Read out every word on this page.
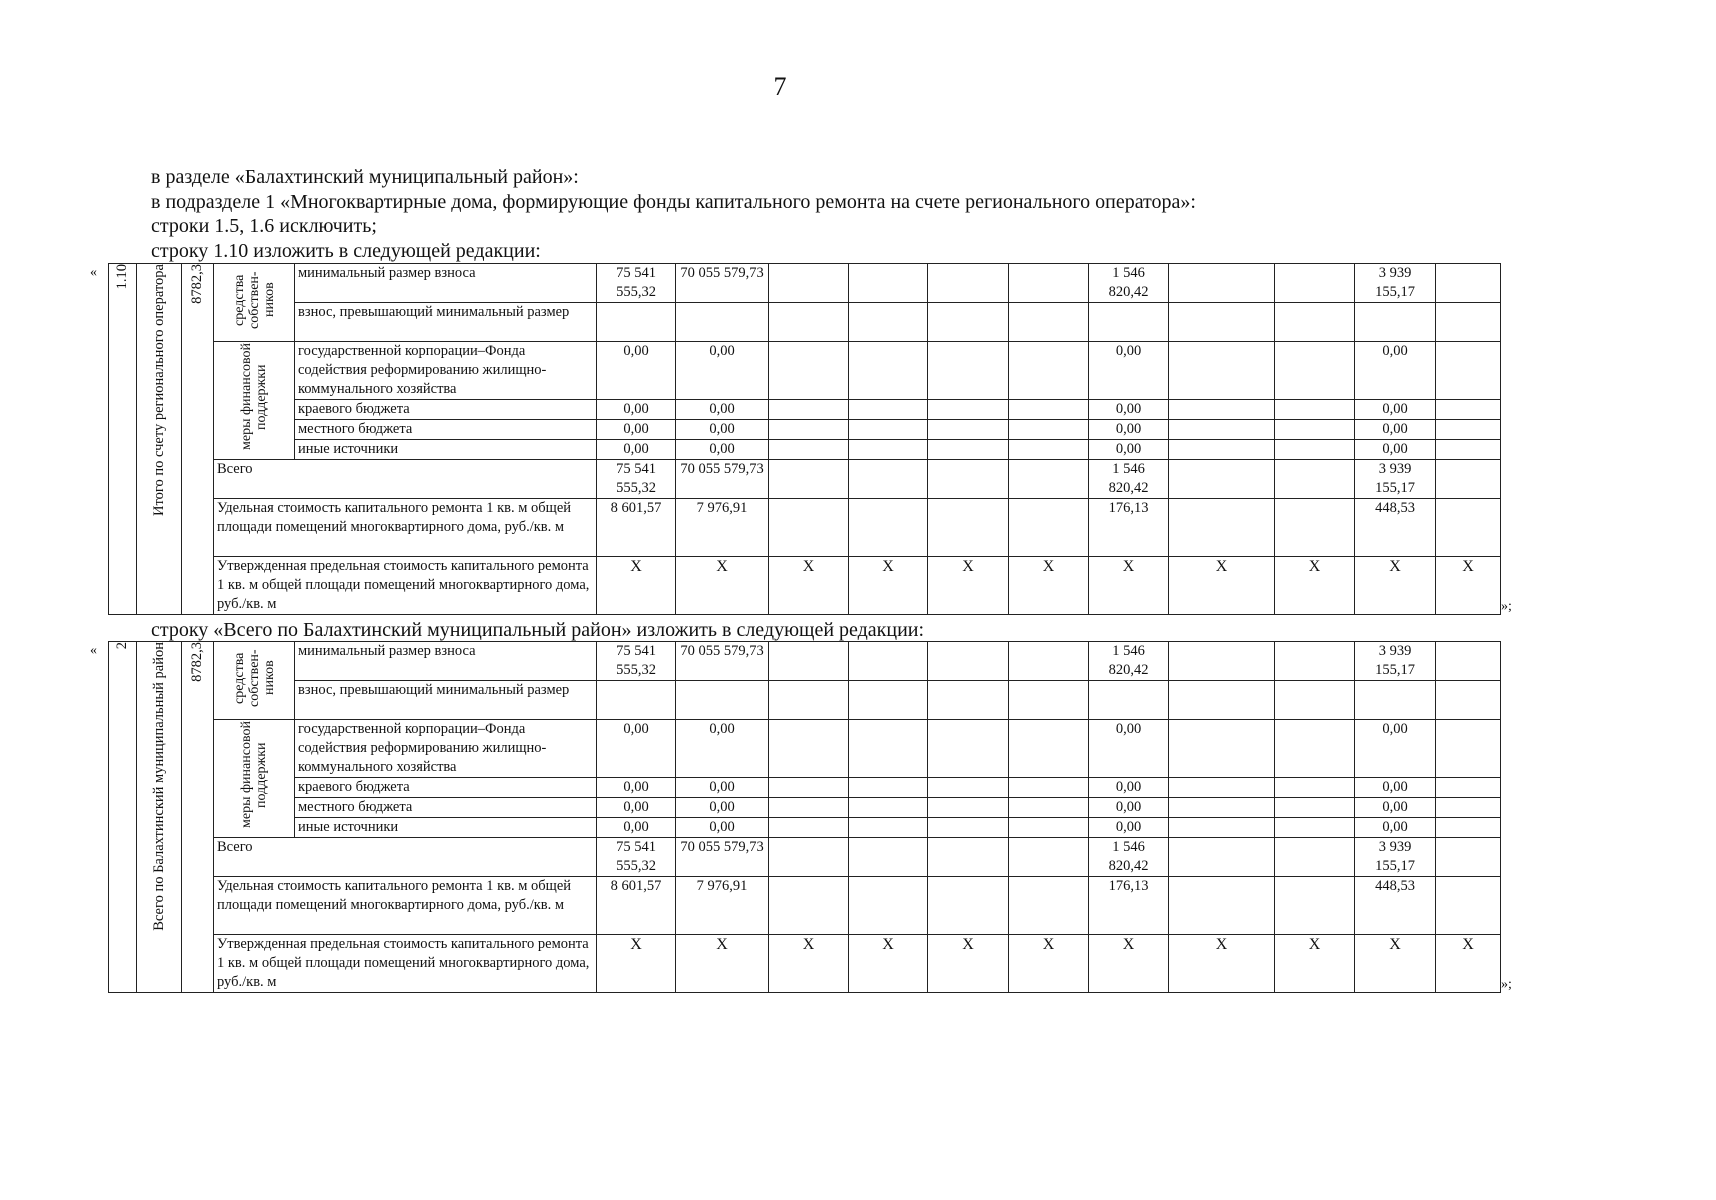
7
в разделе «Балахтинский муниципальный район»:
в подразделе 1 «Многоквартирные дома, формирующие фонды капитального ремонта на счете регионального оператора»:
строки 1.5, 1.6 исключить;
строку 1.10 изложить в следующей редакции:
«
»;
строку «Всего по Балахтинский муниципальный район» изложить в следующей редакции:
«
»;
1.10	Итого по счету регионального оператора	8782,3	средства собствен-ников	минимальный размер взноса	75 541 555,32	70 055 579,73					1 546 820,42			3 939 155,17	
				взнос, превышающий минимальный размер											

			меры финансовой поддержки	государственной корпорации–Фонда содействия реформированию жилищно-коммунального хозяйства	0,00	0,00					0,00			0,00	
				краевого бюджета	0,00	0,00					0,00			0,00	
				местного бюджета	0,00	0,00					0,00			0,00	
				иные источники	0,00	0,00					0,00			0,00	
			Всего		75 541 555,32	70 055 579,73					1 546 820,42			3 939 155,17	
			Удельная стоимость капитального ремонта 1 кв. м общей площади помещений многоквартирного дома, руб./кв. м		8 601,57	7 976,91					176,13			448,53	
			Утвержденная предельная стоимость капитального ремонта 1 кв. м общей площади помещений многоквартирного дома, руб./кв. м		X	X	X	X	X	X	X	X	X	X	X
2	Всего по Балахтинский муниципальный район	8782,3	средства собствен-ников	минимальный размер взноса	75 541 555,32	70 055 579,73					1 546 820,42			3 939 155,17	
				взнос, превышающий минимальный размер											

			меры финансовой поддержки	государственной корпорации–Фонда содействия реформированию жилищно-коммунального хозяйства	0,00	0,00					0,00			0,00	
				краевого бюджета	0,00	0,00					0,00			0,00	
				местного бюджета	0,00	0,00					0,00			0,00	
				иные источники	0,00	0,00					0,00			0,00	
			Всего		75 541 555,32	70 055 579,73					1 546 820,42			3 939 155,17	
			Удельная стоимость капитального ремонта 1 кв. м общей площади помещений многоквартирного дома, руб./кв. м		8 601,57	7 976,91					176,13			448,53	
			Утвержденная предельная стоимость капитального ремонта 1 кв. м общей площади помещений многоквартирного дома, руб./кв. м		X	X	X	X	X	X	X	X	X	X	X
